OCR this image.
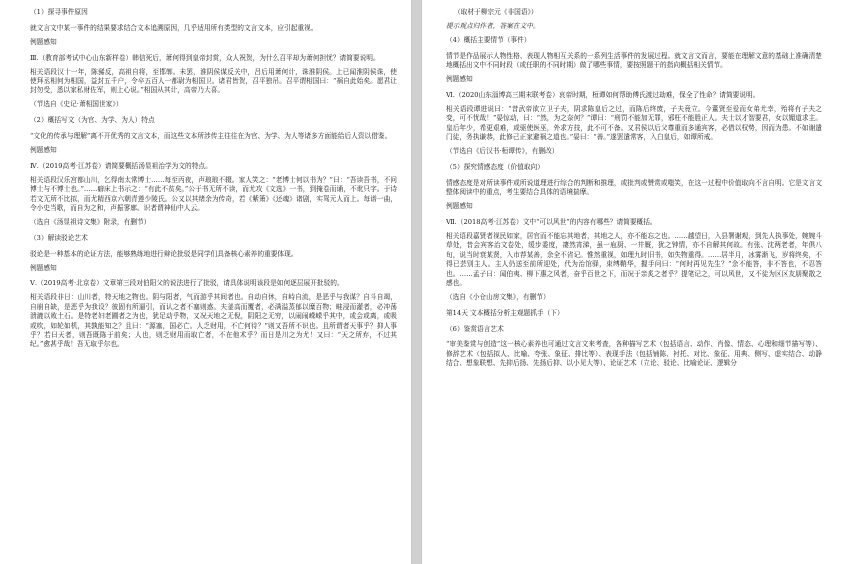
（1）探寻事件原因

就文言文中某一事件的结果要求结合文本追溯原因，几乎适用所有类型的文言文本，应引起重视。

例题感知

Ⅲ.（教育部考试中心山东新样卷）韩信死后，萧何得到皇帝封赏，众人祝贺，为什么召平却为萧何担忧？请简要说明。

相关语段汉十一年，陈豨反，高祖自将，至邯郸。未罢，淮阴侯谋反关中，吕后用萧何计，诛淮阴侯。上已闻淮阴侯诛，使使拜丞相何为相国，益封五千户，令卒五百人一都尉为相国卫。诸君皆贺，召平独吊。召平谓相国曰：“祸自此始矣。愿君让封勿受，悉以家私财佐军，则上心说。”相国从其计，高帝乃大喜。

（节选自《史记·萧相国世家》）

（2）概括写文（为官、为学、为人）特点

“文化的传承与理解”离不开优秀的文言文本，而这些文本所涉传主往往在为官、为学、为人等诸多方面能给后人资以借鉴。

例题感知

Ⅳ.（2019高考·江苏卷）请简要概括汤显祖治学为文的特点。

相关语段汉乐宫都山川，乞得南太常博士……每至丙夜，声琅琅不辍。家人笑之：“老博士何以书为？”曰：“吾读吾书，不问博士与不博士也。”……癖床上书示之：“有此不贫矣。”公于书无所不读，而尤攻《文选》一书，到掩卷而诵，不讹只字。于诗若文无所不比拟，而尤精西京六朝青莲少陵氏。公又以其绪余为传奇，若《紫箫》《还魂》诸剧，实驾元人而上。每谱一曲，令小史当歌，而自为之和，声振寥廓。识者谓神仙中人云。

（选自《汤显祖诗文集》附录，有删节）

（3）解读驳论艺术

驳论是一种基本的论证方法，能够熟练地进行辩论批驳是同学们具备核心素养的重要体现。

例题感知

Ⅴ.（2019高考·北京卷）文章第三段对伯阳父的说法进行了批驳，请具体说明该段是如何逐层展开批驳的。

相关语段非日：山川者，特天地之物也。阴与阳者，气而游乎其间者也。自动自休，自峙自流，是恶乎与我谋？自斗自竭，自崩自缺，是恶乎为我设？彼固有所逼引，而认之者不塞则惑。夫釜高而覆者，必满溢蒸郁以糜百物；畦浸而灌者，必冲荡溃漉以败土石。是特老妇老圃者之为也，犹足动乎物，又况天地之无倪，阴阳之无穷，以闹闹嵘嵘乎其中，或会或离，或吸或吹，如轮如机，其孰能知之？且曰：“源塞，国必亡。人乏财用，不亡何待？”则又吾所不识也。且所谓者天事乎？抑人事乎？若曰天者，则吾既陈于前矣；人也，则乏财用而取亡者，不在他术乎？而日是川之为尤！又曰：“天之所弃，不过其纪。”愈甚乎哉！吾无取乎尔也。

（取材于柳宗元《非国语》）

提示观点归作者，答案在文中。

（4）概括主要情节（事件）

情节是作品展示人物性格、表现人物相互关系的一系列生活事件的发展过程。就文言文而言，要能在理解文意的基础上准确清楚地概括出文中不同时段（或任职的不同时期）做了哪些事情，要按照题干的指向概括相关情节。

例题感知

Ⅵ.（2020山东淄博高三期末联考卷）哀帝时期，桓谭如何帮助傅氏渡过劫难，保全了性命？请简要说明。

相关语段谭进说曰：“昔武帝欲立卫子夫，阴求陈皇后之过，而陈后终废，子夫竟立。今董贤至爱而女弟尤幸，殆将有子夫之变，可不忧哉！”晏惊动，曰：“然，为之奈何？”谭曰：“刑罚不能加无罪，邪枉不能胜正人。夫士以才智要君，女以媚道求主。皇后年少，希更艰难，或驱使医巫，外求方技，此不可不备。又君侯以后父尊重而多通宾客，必借以权势，因而为患。不如谢遣门徒，务执谦恭，此修己正家避祸之道也。”晏曰：“善。”遂罢遣常客，入白皇后，如谭所戒。

（节选自《后汉书·桓谭传》，有删改）

（5）探究情感态度（价值取向）

情感态度是对所读事件或所说道理进行综合的判断和推理，或批判或赞赏或嗤笑，在这一过程中价值取向不言自明。它是文言文整体阅读中的重点，考生要结合具体的语境揣摩。

例题感知

Ⅶ.（2018高考·江苏卷）文中“可以风世”的内容有哪些？请简要概括。

相关语段嘉贤者视民如家，居官而不能忘其地者，其地之人，亦不能忘之也。……越望日，入县署谢观，到先人执事处，婉婉斗草处，昔会宾客治文卷处，缓步委度，凄然宵涕，虽一庖厨、一井厩，犹之钟情，亦不自解其何故。有张、沈两老者，年俱八旬，说当时衰某贤，入市荐某善，余全不省记。惟然重视，如理九时旧书，如失物重得。……居半月，冰雾渐飞，岁将终矣，不得已芸别主人。主人仍送至前所迎处，代为治馆驿，束缚鞘华，握手问曰：“何时再见先生？”余不能答，非不答也，不忍答也。……孟子曰：闻伯夷、柳下惠之风者，奋乎百世之下，而况于亲炙之者乎？提笔记之，可以风世，又不徒为区区友朋聚散之感也。

（选自《小仓山房文集》，有删节）

第14天 文本概括分析主观题抓手（下）

（6）鉴赏语言艺术

“审美鉴赏与创造”这一核心素养也可通过文言文来考查，各种描写艺术（包括语言、动作、肖像、情态、心理和细节描写等）、修辞艺术（包括拟人、比喻、夸张、象征、排比等）、表现手法（包括铺陈、衬托、对比、象征、用典、侧写、虚实结合、动静结合、想象联想、先抑后扬、先扬后抑、以小见大等）、论证艺术（立论、驳论、比喻论证、逻辑分
